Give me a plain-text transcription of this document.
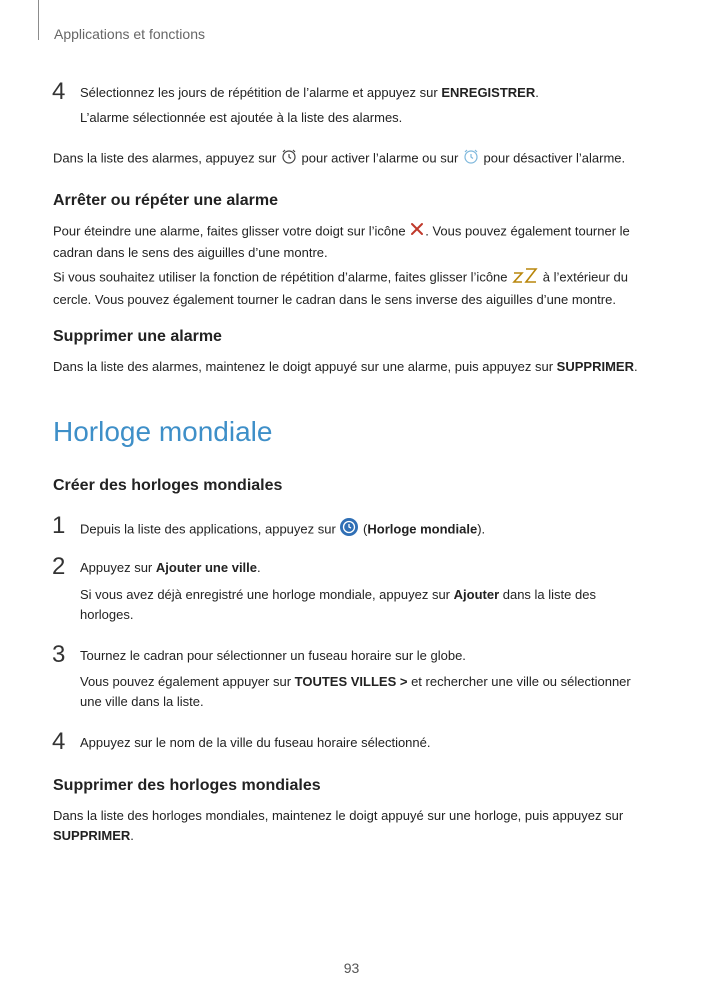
Applications et fonctions
4 Sélectionnez les jours de répétition de l’alarme et appuyez sur ENREGISTRER.
L’alarme sélectionnée est ajoutée à la liste des alarmes.
Dans la liste des alarmes, appuyez sur  pour activer l’alarme ou sur  pour désactiver l’alarme.
Arrêter ou répéter une alarme
Pour éteindre une alarme, faites glisser votre doigt sur l’icône . Vous pouvez également tourner le cadran dans le sens des aiguilles d’une montre.
Si vous souhaitez utiliser la fonction de répétition d’alarme, faites glisser l’icône  à l’extérieur du cercle. Vous pouvez également tourner le cadran dans le sens inverse des aiguilles d’une montre.
Supprimer une alarme
Dans la liste des alarmes, maintenez le doigt appuyé sur une alarme, puis appuyez sur SUPPRIMER.
Horloge mondiale
Créer des horloges mondiales
1 Depuis la liste des applications, appuyez sur  (Horloge mondiale).
2 Appuyez sur Ajouter une ville.
Si vous avez déjà enregistré une horloge mondiale, appuyez sur Ajouter dans la liste des horloges.
3 Tournez le cadran pour sélectionner un fuseau horaire sur le globe.
Vous pouvez également appuyer sur TOUTES VILLES > et rechercher une ville ou sélectionner une ville dans la liste.
4 Appuyez sur le nom de la ville du fuseau horaire sélectionné.
Supprimer des horloges mondiales
Dans la liste des horloges mondiales, maintenez le doigt appuyé sur une horloge, puis appuyez sur SUPPRIMER.
93
